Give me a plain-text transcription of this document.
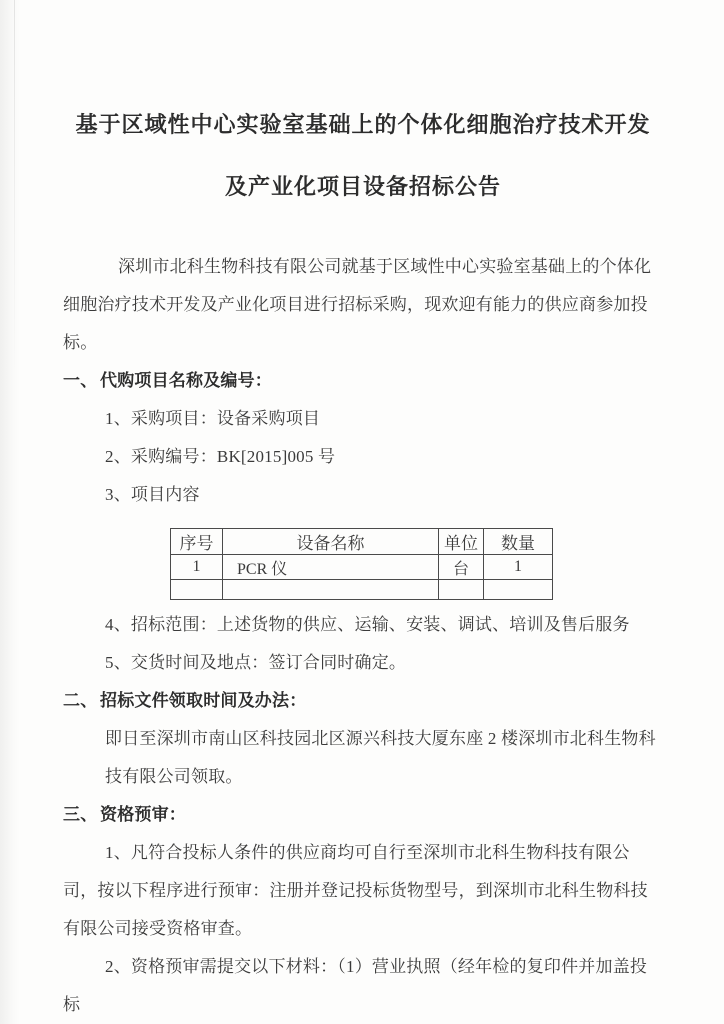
基于区域性中心实验室基础上的个体化细胞治疗技术开发
及产业化项目设备招标公告

深圳市北科生物科技有限公司就基于区域性中心实验室基础上的个体化细胞治疗技术开发及产业化项目进行招标采购，现欢迎有能力的供应商参加投标。

一、 代购项目名称及编号：

1、采购项目：设备采购项目

2、采购编号：BK[2015]005 号

3、项目内容

序号	设备名称	单位	数量
1	PCR 仪	台	1

4、招标范围：上述货物的供应、运输、安装、调试、培训及售后服务

5、交货时间及地点：签订合同时确定。

二、 招标文件领取时间及办法：

即日至深圳市南山区科技园北区源兴科技大厦东座 2 楼深圳市北科生物科技有限公司领取。

三、 资格预审：

1、凡符合投标人条件的供应商均可自行至深圳市北科生物科技有限公司，按以下程序进行预审：注册并登记投标货物型号，到深圳市北科生物科技有限公司接受资格审查。

2、资格预审需提交以下材料：（1）营业执照（经年检的复印件并加盖投标
